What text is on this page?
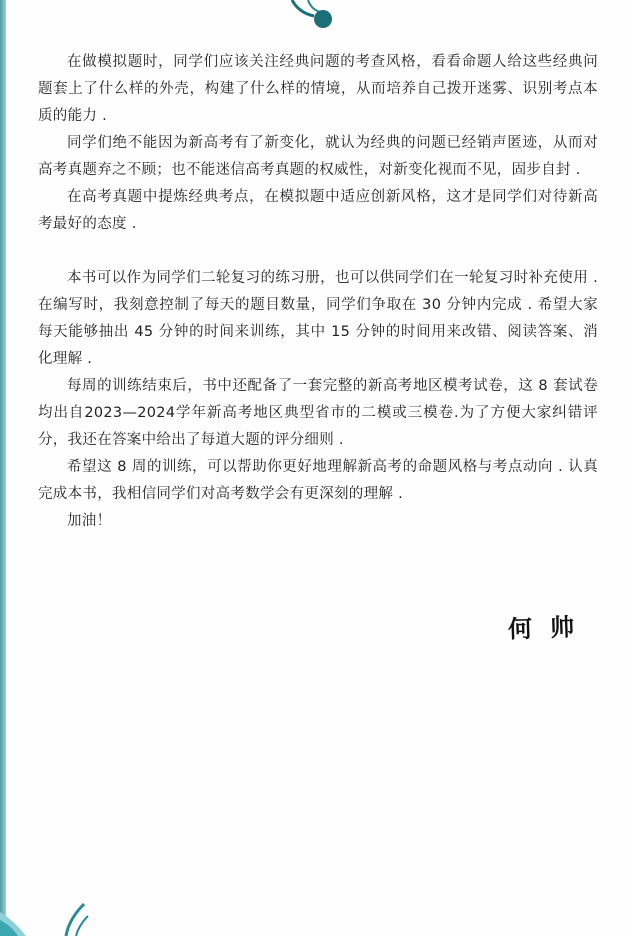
在做模拟题时，同学们应该关注经典问题的考查风格，看看命题人给这些经典问题套上了什么样的外壳，构建了什么样的情境，从而培养自己拨开迷雾、识别考点本质的能力 .

同学们绝不能因为新高考有了新变化，就认为经典的问题已经销声匿迹，从而对高考真题弃之不顾；也不能迷信高考真题的权威性，对新变化视而不见，固步自封 .

在高考真题中提炼经典考点，在模拟题中适应创新风格，这才是同学们对待新高考最好的态度 .

本书可以作为同学们二轮复习的练习册，也可以供同学们在一轮复习时补充使用 . 在编写时，我刻意控制了每天的题目数量，同学们争取在 30 分钟内完成 . 希望大家每天能够抽出 45 分钟的时间来训练，其中 15 分钟的时间用来改错、阅读答案、消化理解 .

每周的训练结束后，书中还配备了一套完整的新高考地区模考试卷，这 8 套试卷均出自2023—2024学年新高考地区典型省市的二模或三模卷.为了方便大家纠错评分，我还在答案中给出了每道大题的评分细则 .

希望这 8 周的训练，可以帮助你更好地理解新高考的命题风格与考点动向 . 认真完成本书，我相信同学们对高考数学会有更深刻的理解 .

加油！

何帅
